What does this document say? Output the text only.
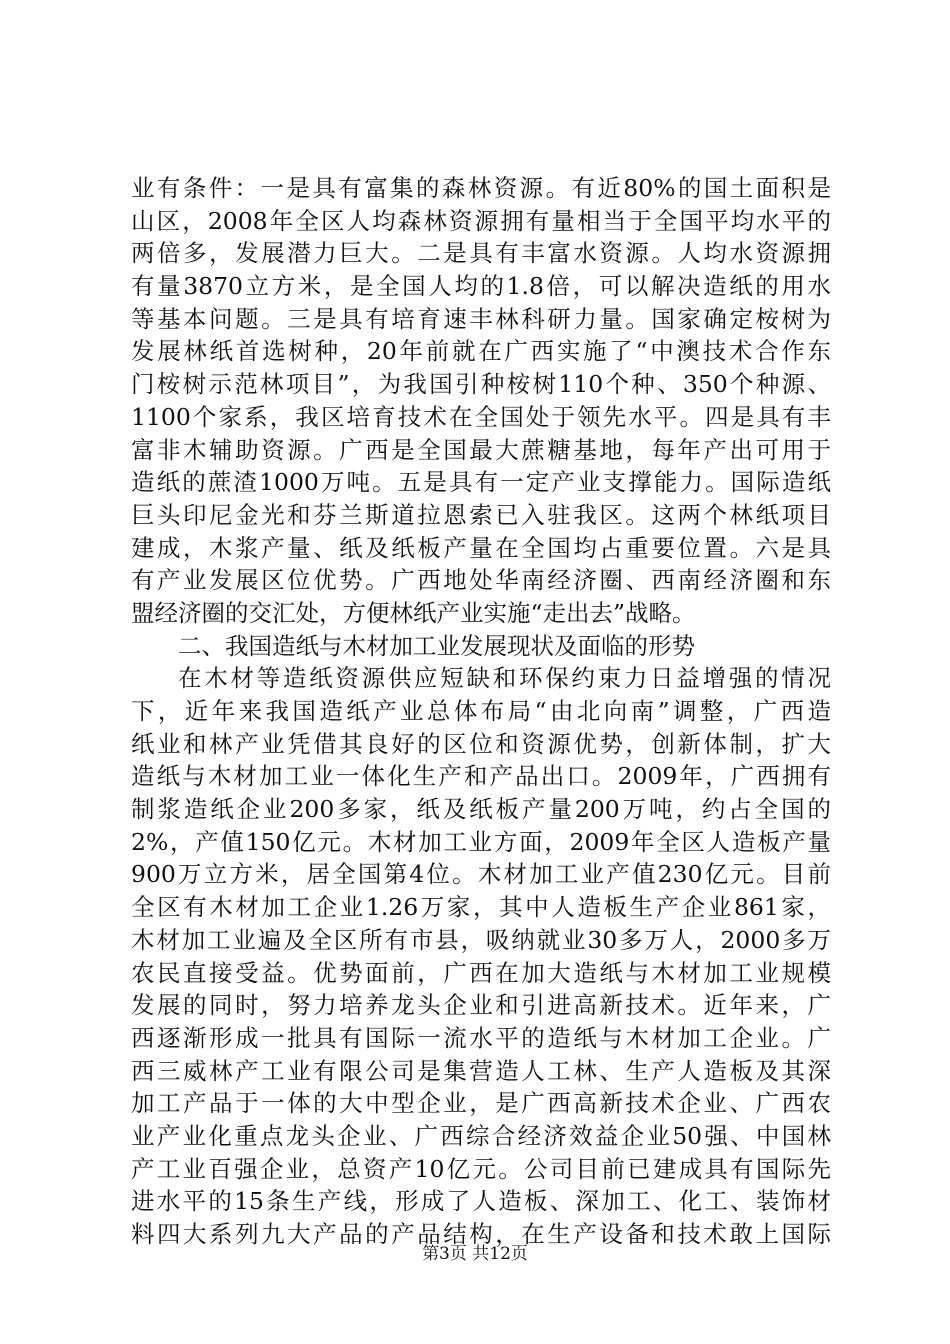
业有条件：一是具有富集的森林资源。有近80%的国土面积是
山区，2008年全区人均森林资源拥有量相当于全国平均水平的
两倍多，发展潜力巨大。二是具有丰富水资源。人均水资源拥
有量3870立方米，是全国人均的1.8倍，可以解决造纸的用水
等基本问题。三是具有培育速丰林科研力量。国家确定桉树为
发展林纸首选树种，20年前就在广西实施了“中澳技术合作东
门桉树示范林项目”，为我国引种桉树110个种、350个种源、
1100个家系，我区培育技术在全国处于领先水平。四是具有丰
富非木辅助资源。广西是全国最大蔗糖基地，每年产出可用于
造纸的蔗渣1000万吨。五是具有一定产业支撑能力。国际造纸
巨头印尼金光和芬兰斯道拉恩索已入驻我区。这两个林纸项目
建成，木浆产量、纸及纸板产量在全国均占重要位置。六是具
有产业发展区位优势。广西地处华南经济圈、西南经济圈和东
盟经济圈的交汇处，方便林纸产业实施“走出去”战略。
二、我国造纸与木材加工业发展现状及面临的形势
在木材等造纸资源供应短缺和环保约束力日益增强的情况
下，近年来我国造纸产业总体布局“由北向南”调整，广西造
纸业和林产业凭借其良好的区位和资源优势，创新体制，扩大
造纸与木材加工业一体化生产和产品出口。2009年，广西拥有
制浆造纸企业200多家，纸及纸板产量200万吨，约占全国的
2%，产值150亿元。木材加工业方面，2009年全区人造板产量
900万立方米，居全国第4位。木材加工业产值230亿元。目前
全区有木材加工企业1.26万家，其中人造板生产企业861家，
木材加工业遍及全区所有市县，吸纳就业30多万人，2000多万
农民直接受益。优势面前，广西在加大造纸与木材加工业规模
发展的同时，努力培养龙头企业和引进高新技术。近年来，广
西逐渐形成一批具有国际一流水平的造纸与木材加工企业。广
西三威林产工业有限公司是集营造人工林、生产人造板及其深
加工产品于一体的大中型企业，是广西高新技术企业、广西农
业产业化重点龙头企业、广西综合经济效益企业50强、中国林
产工业百强企业，总资产10亿元。公司目前已建成具有国际先
进水平的15条生产线，形成了人造板、深加工、化工、装饰材
料四大系列九大产品的产品结构，在生产设备和技术敢上国际
第3页 共12页
